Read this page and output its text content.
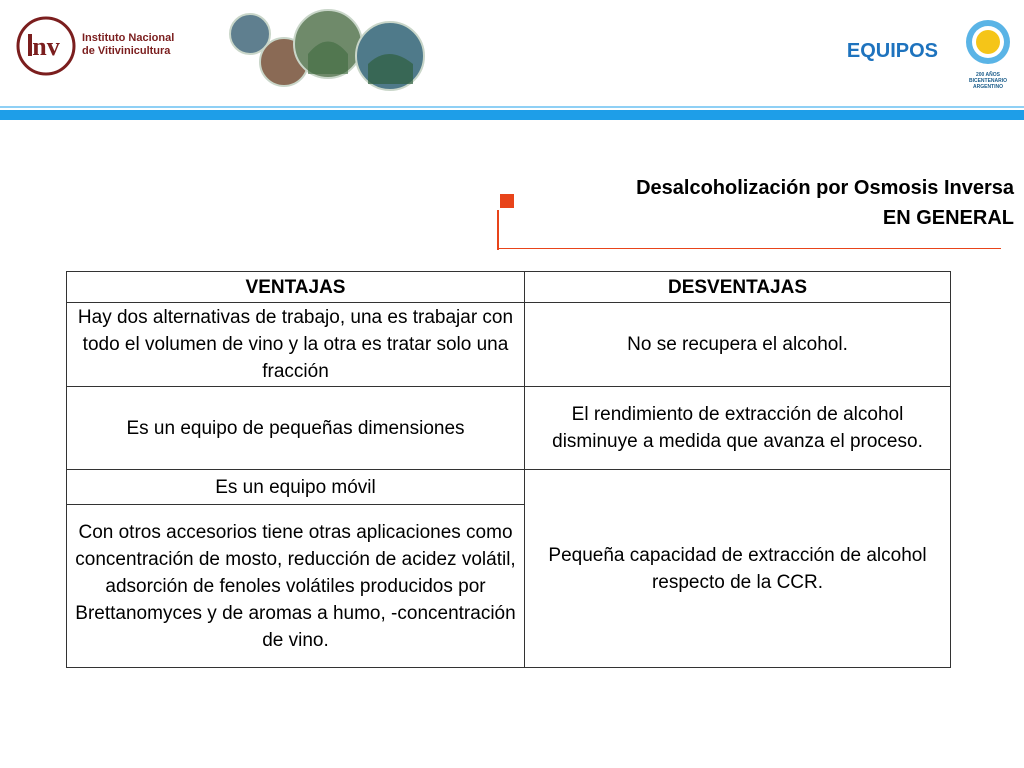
nv Instituto Nacional
de Vitivinicultura	EQUIPOS
200 AÑOS
BICENTENARIO
ARGENTINO
Desalcoholización por Osmosis Inversa
EN GENERAL
VENTAJAS	DESVENTAJAS
Hay dos alternativas de trabajo, una es trabajar con todo el volumen de vino y la otra es tratar solo una fracción	No se recupera el alcohol.
Es un equipo de pequeñas dimensiones	El rendimiento de extracción de alcohol disminuye a medida que avanza el proceso.
Es un equipo móvil	Pequeña capacidad de extracción de alcohol respecto de la CCR.
Con otros accesorios tiene otras aplicaciones como concentración de mosto, reducción de acidez volátil, adsorción de fenoles volátiles producidos por Brettanomyces y de aromas a humo, -concentración de vino.	
